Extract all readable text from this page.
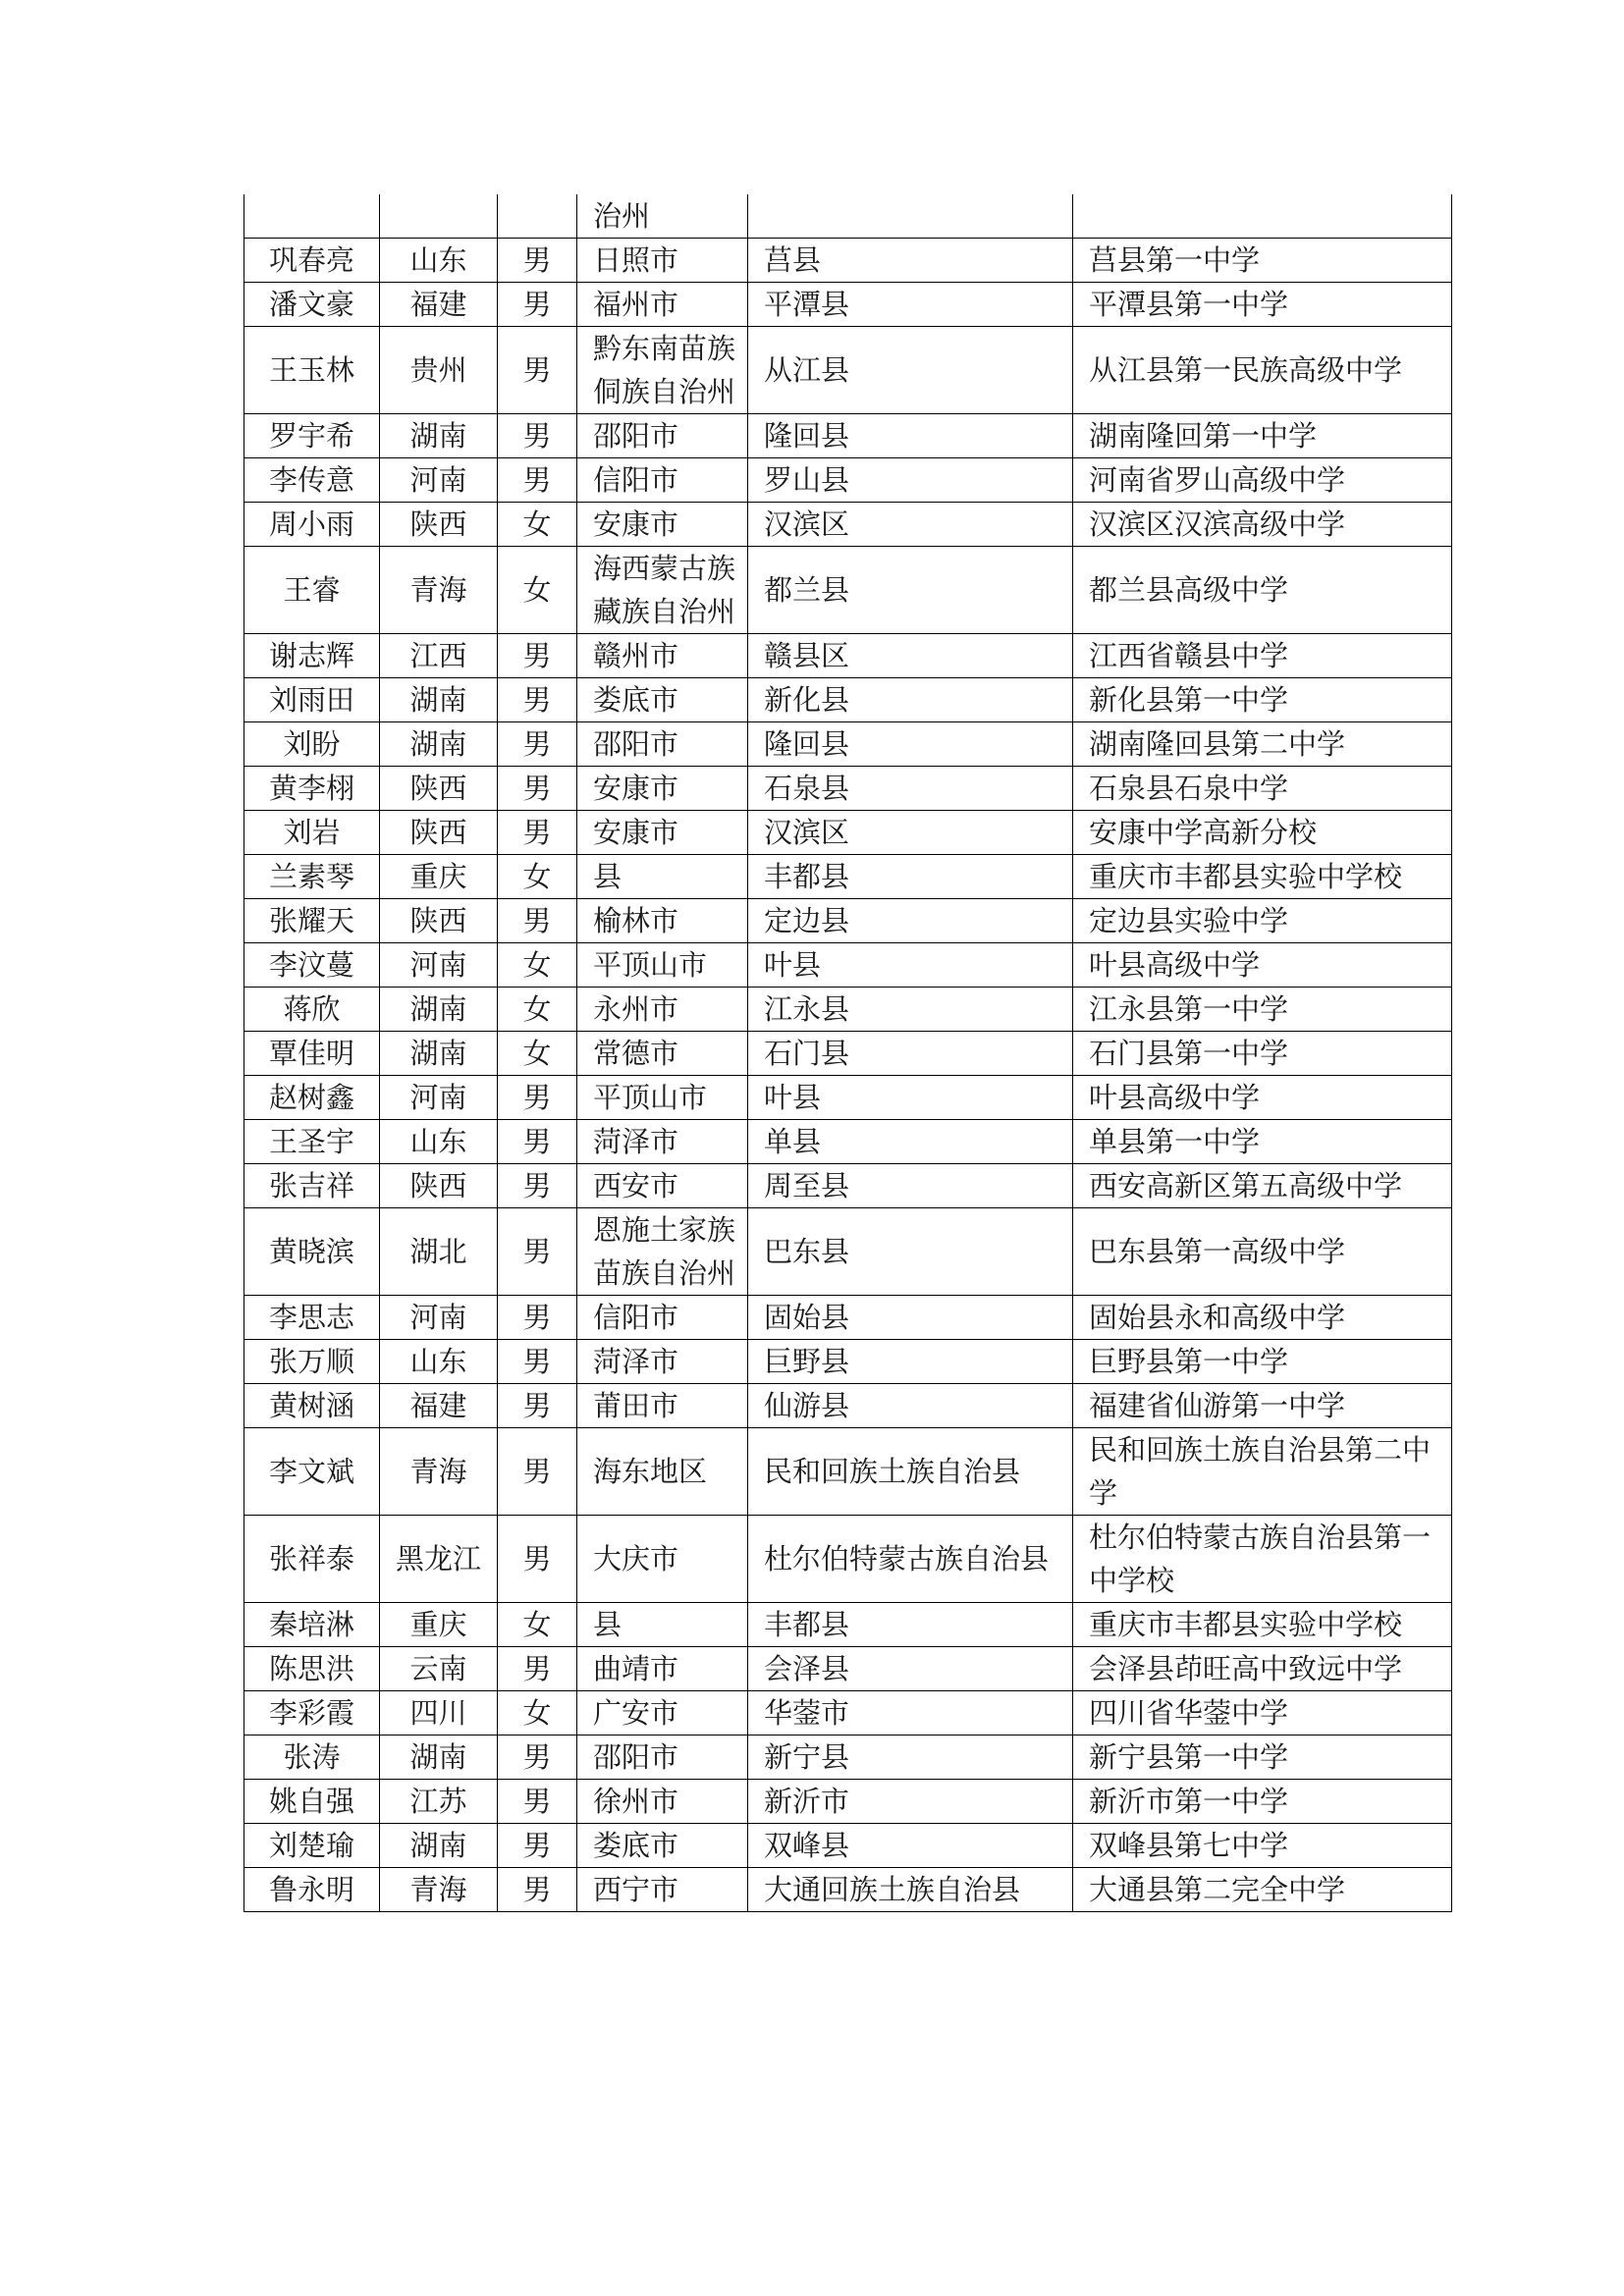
			治州		
巩春亮	山东	男	日照市	莒县	莒县第一中学
潘文豪	福建	男	福州市	平潭县	平潭县第一中学
王玉林	贵州	男	黔东南苗族侗族自治州	从江县	从江县第一民族高级中学
罗宇希	湖南	男	邵阳市	隆回县	湖南隆回第一中学
李传意	河南	男	信阳市	罗山县	河南省罗山高级中学
周小雨	陕西	女	安康市	汉滨区	汉滨区汉滨高级中学
王睿	青海	女	海西蒙古族藏族自治州	都兰县	都兰县高级中学
谢志辉	江西	男	赣州市	赣县区	江西省赣县中学
刘雨田	湖南	男	娄底市	新化县	新化县第一中学
刘盼	湖南	男	邵阳市	隆回县	湖南隆回县第二中学
黄李栩	陕西	男	安康市	石泉县	石泉县石泉中学
刘岩	陕西	男	安康市	汉滨区	安康中学高新分校
兰素琴	重庆	女	县	丰都县	重庆市丰都县实验中学校
张耀天	陕西	男	榆林市	定边县	定边县实验中学
李汶蔓	河南	女	平顶山市	叶县	叶县高级中学
蒋欣	湖南	女	永州市	江永县	江永县第一中学
覃佳明	湖南	女	常德市	石门县	石门县第一中学
赵树鑫	河南	男	平顶山市	叶县	叶县高级中学
王圣宇	山东	男	菏泽市	单县	单县第一中学
张吉祥	陕西	男	西安市	周至县	西安高新区第五高级中学
黄晓滨	湖北	男	恩施土家族苗族自治州	巴东县	巴东县第一高级中学
李思志	河南	男	信阳市	固始县	固始县永和高级中学
张万顺	山东	男	菏泽市	巨野县	巨野县第一中学
黄树涵	福建	男	莆田市	仙游县	福建省仙游第一中学
李文斌	青海	男	海东地区	民和回族土族自治县	民和回族土族自治县第二中学
张祥泰	黑龙江	男	大庆市	杜尔伯特蒙古族自治县	杜尔伯特蒙古族自治县第一中学校
秦培淋	重庆	女	县	丰都县	重庆市丰都县实验中学校
陈思洪	云南	男	曲靖市	会泽县	会泽县茚旺高中致远中学
李彩霞	四川	女	广安市	华蓥市	四川省华蓥中学
张涛	湖南	男	邵阳市	新宁县	新宁县第一中学
姚自强	江苏	男	徐州市	新沂市	新沂市第一中学
刘楚瑜	湖南	男	娄底市	双峰县	双峰县第七中学
鲁永明	青海	男	西宁市	大通回族土族自治县	大通县第二完全中学
